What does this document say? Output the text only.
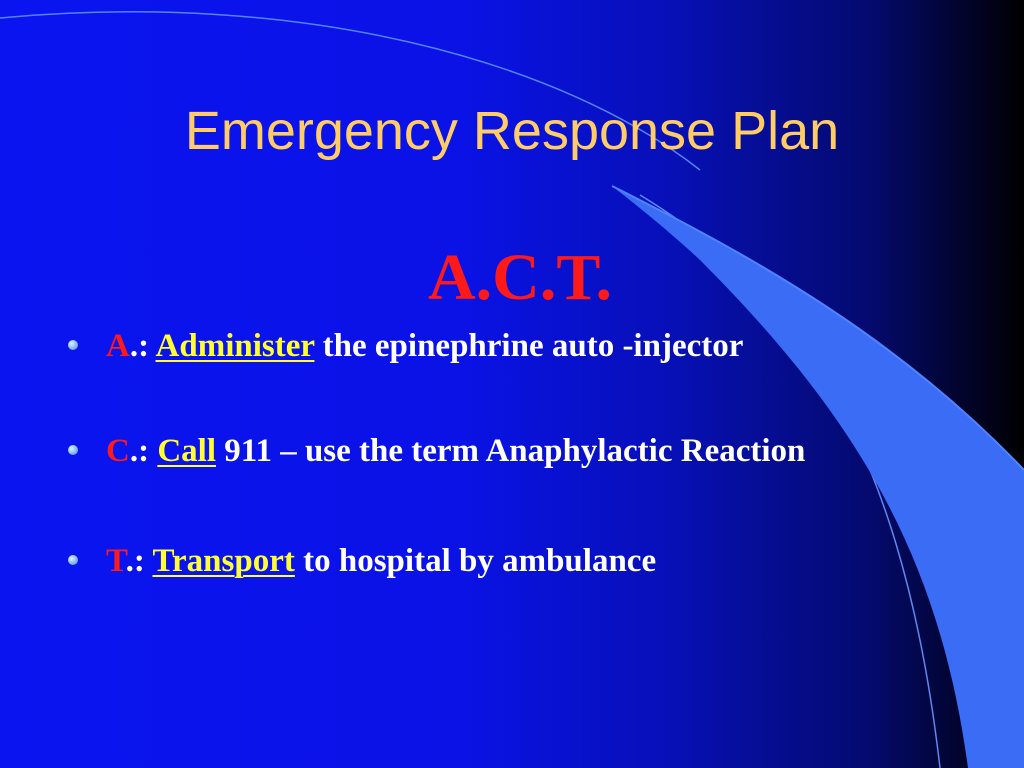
Emergency Response Plan
A.C.T.
A.: Administer the epinephrine auto -injector
C.: Call 911 – use the term Anaphylactic Reaction
T.: Transport to hospital by ambulance
